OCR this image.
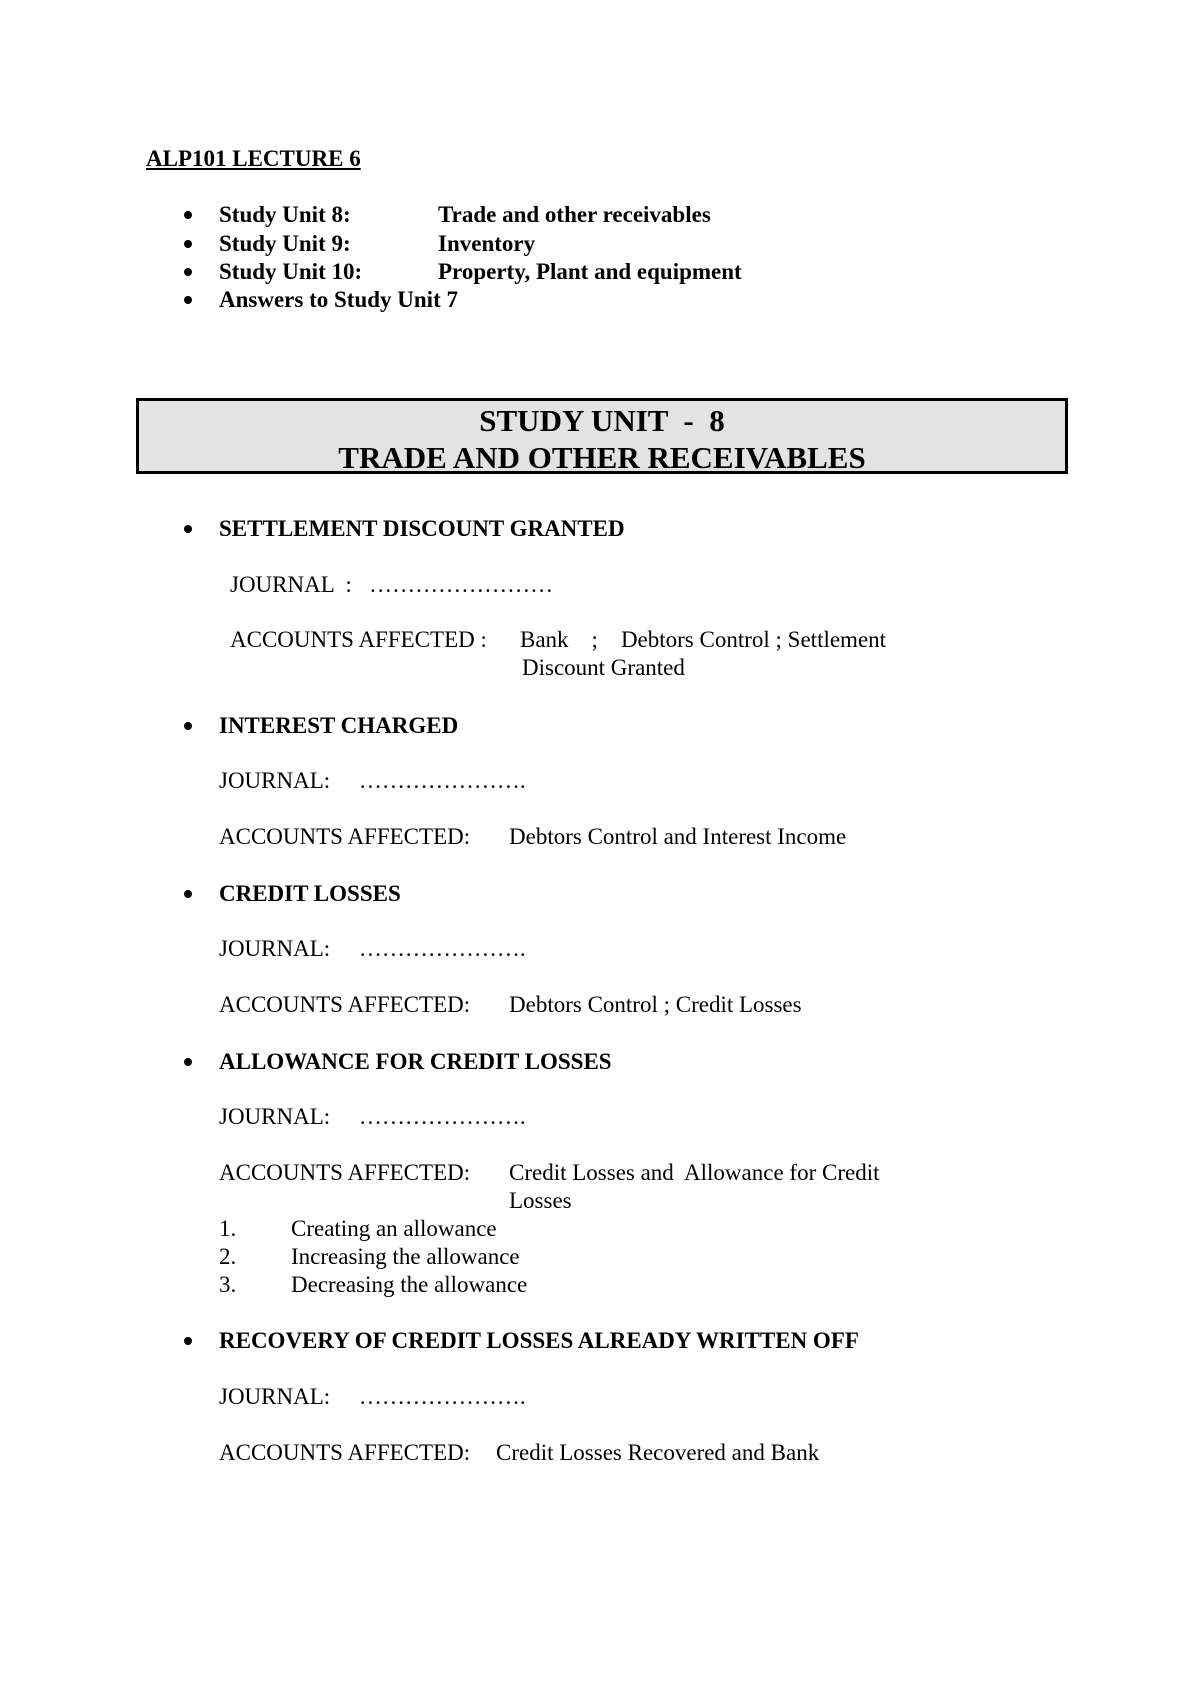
ALP101 LECTURE 6
Study Unit 8:	Trade and other receivables
Study Unit 9:	Inventory
Study Unit 10:	Property, Plant and equipment
Answers to Study Unit 7
STUDY UNIT  -  8
TRADE AND OTHER RECEIVABLES
SETTLEMENT DISCOUNT GRANTED
JOURNAL  :   ……………………
ACCOUNTS AFFECTED : Bank    ;    Debtors Control ; Settlement
Discount Granted
INTEREST CHARGED
JOURNAL:     ………………….
ACCOUNTS AFFECTED: Debtors Control and Interest Income
CREDIT LOSSES
JOURNAL:     ………………….
ACCOUNTS AFFECTED: Debtors Control ; Credit Losses
ALLOWANCE FOR CREDIT LOSSES
JOURNAL:     ………………….
ACCOUNTS AFFECTED: Credit Losses and  Allowance for Credit
Losses
1. Creating an allowance
2. Increasing the allowance
3. Decreasing the allowance
RECOVERY OF CREDIT LOSSES ALREADY WRITTEN OFF
JOURNAL:     ………………….
ACCOUNTS AFFECTED: Credit Losses Recovered and Bank
